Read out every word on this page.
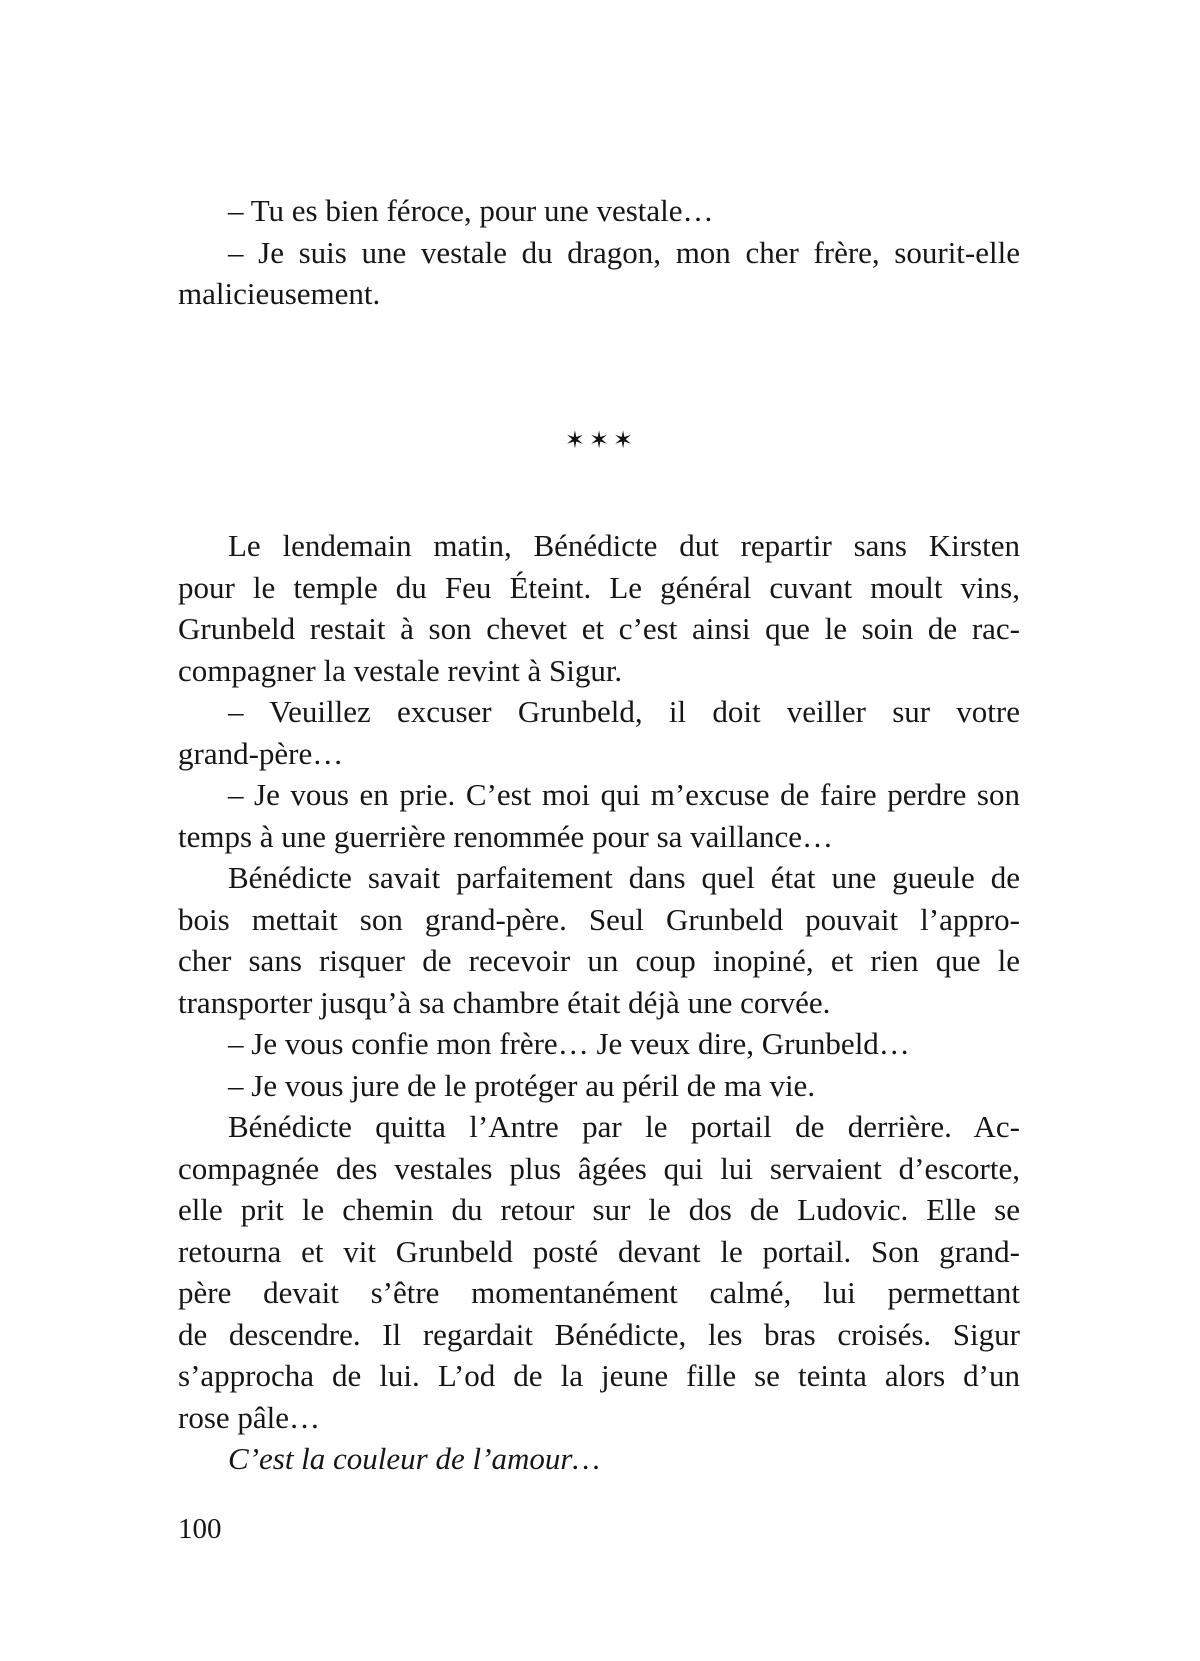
– Tu es bien féroce, pour une vestale…
– Je suis une vestale du dragon, mon cher frère, sourit-elle
malicieusement.
✶✶✶
Le lendemain matin, Bénédicte dut repartir sans Kirsten
pour le temple du Feu Éteint. Le général cuvant moult vins,
Grunbeld restait à son chevet et c’est ainsi que le soin de rac-
compagner la vestale revint à Sigur.
– Veuillez excuser Grunbeld, il doit veiller sur votre
grand-père…
– Je vous en prie. C’est moi qui m’excuse de faire perdre son
temps à une guerrière renommée pour sa vaillance…
Bénédicte savait parfaitement dans quel état une gueule de
bois mettait son grand-père. Seul Grunbeld pouvait l’appro-
cher sans risquer de recevoir un coup inopiné, et rien que le
transporter jusqu’à sa chambre était déjà une corvée.
– Je vous confie mon frère… Je veux dire, Grunbeld…
– Je vous jure de le protéger au péril de ma vie.
Bénédicte quitta l’Antre par le portail de derrière. Ac-
compagnée des vestales plus âgées qui lui servaient d’escorte,
elle prit le chemin du retour sur le dos de Ludovic. Elle se
retourna et vit Grunbeld posté devant le portail. Son grand-
père devait s’être momentanément calmé, lui permettant
de descendre. Il regardait Bénédicte, les bras croisés. Sigur
s’approcha de lui. L’od de la jeune fille se teinta alors d’un
rose pâle…
C’est la couleur de l’amour…
100
